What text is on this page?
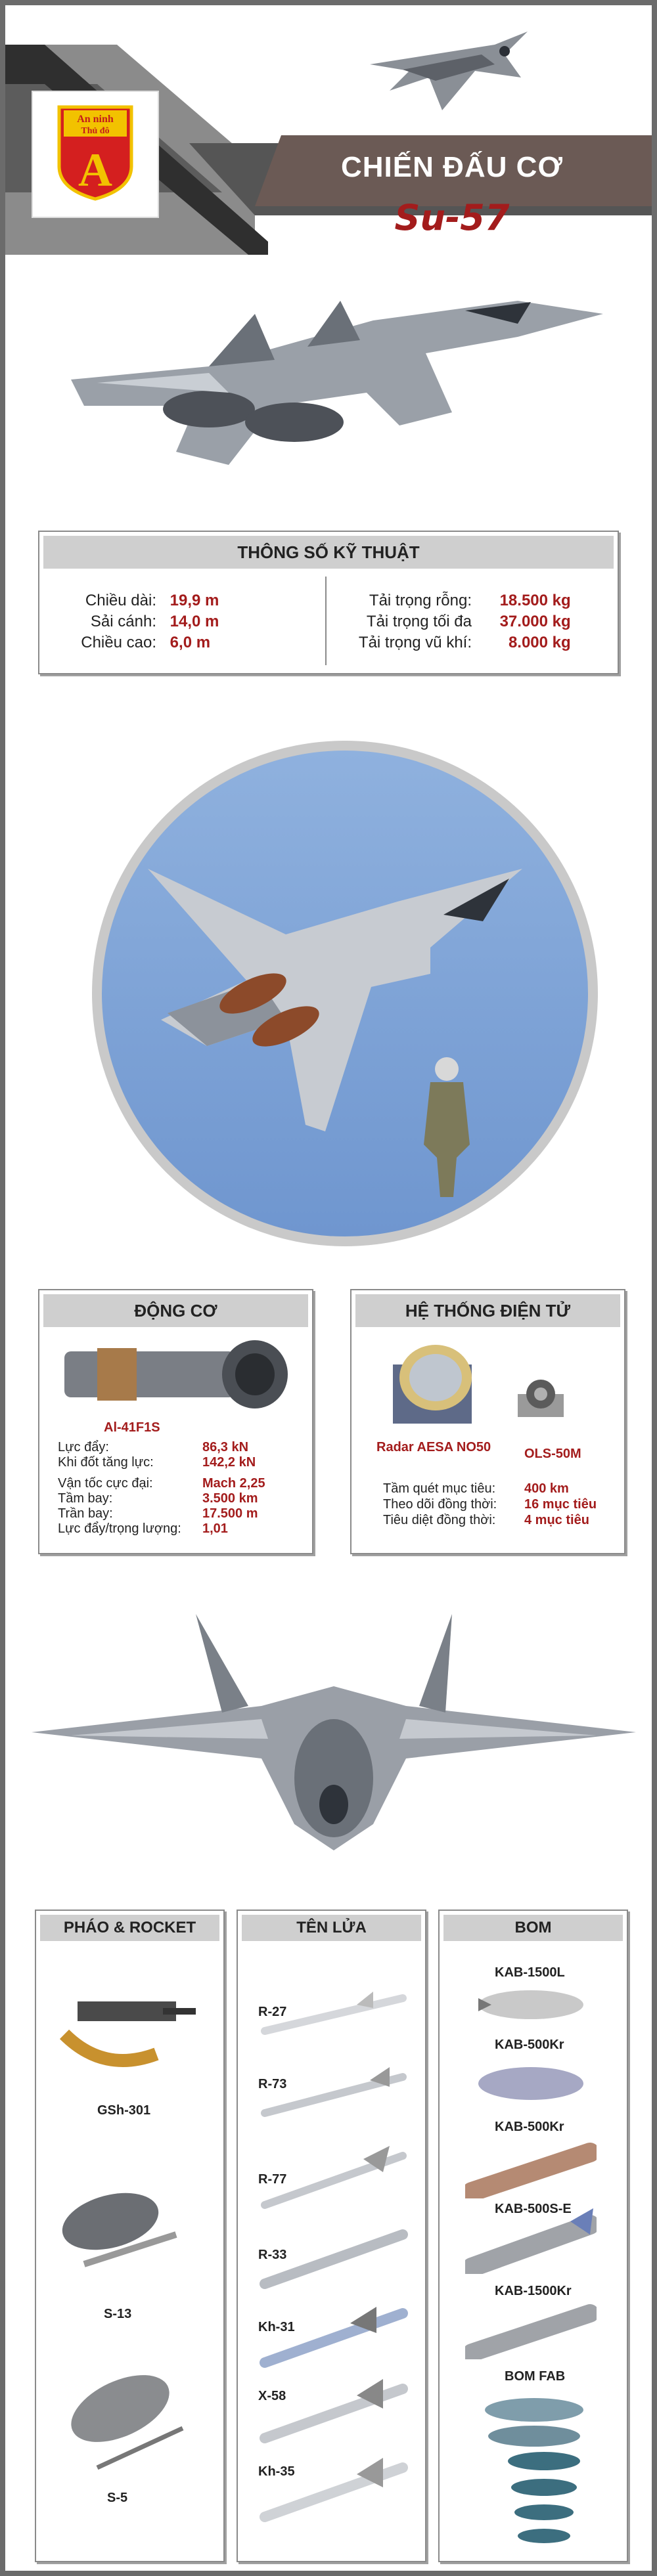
An ninh
Thủ đô
A	CHIẾN ĐẤU CƠ
Su-57
THÔNG SỐ KỸ THUẬT
Chiều dài: 19,9 m
Sải cánh: 14,0 m
Chiều cao: 6,0 m
Tải trọng rỗng: 18.500 kg
Tải trọng tối đa 37.000 kg
Tải trọng vũ khí: 8.000 kg
ĐỘNG CƠ
Al-41F1S
Lực đẩy:	86,3 kN
Khi đốt tăng lực:	142,2 kN
Vận tốc cực đại:	Mach 2,25
Tầm bay:	3.500 km
Trần bay:	17.500 m
Lực đẩy/trọng lượng: 1,01
HỆ THỐNG ĐIỆN TỬ
Radar AESA NO50	OLS-50M
Tầm quét mục tiêu: 400 km
Theo dõi đồng thời: 16 mục tiêu
Tiêu diệt đồng thời: 4 mục tiêu
PHÁO & ROCKET	TÊN LỬA	BOM
GSh-301
S-13
S-5
R-27
R-73
R-77
R-33
Kh-31
X-58
Kh-35
KAB-1500L
KAB-500Kr
KAB-500Kr
KAB-500S-E
KAB-1500Kr
BOM FAB
